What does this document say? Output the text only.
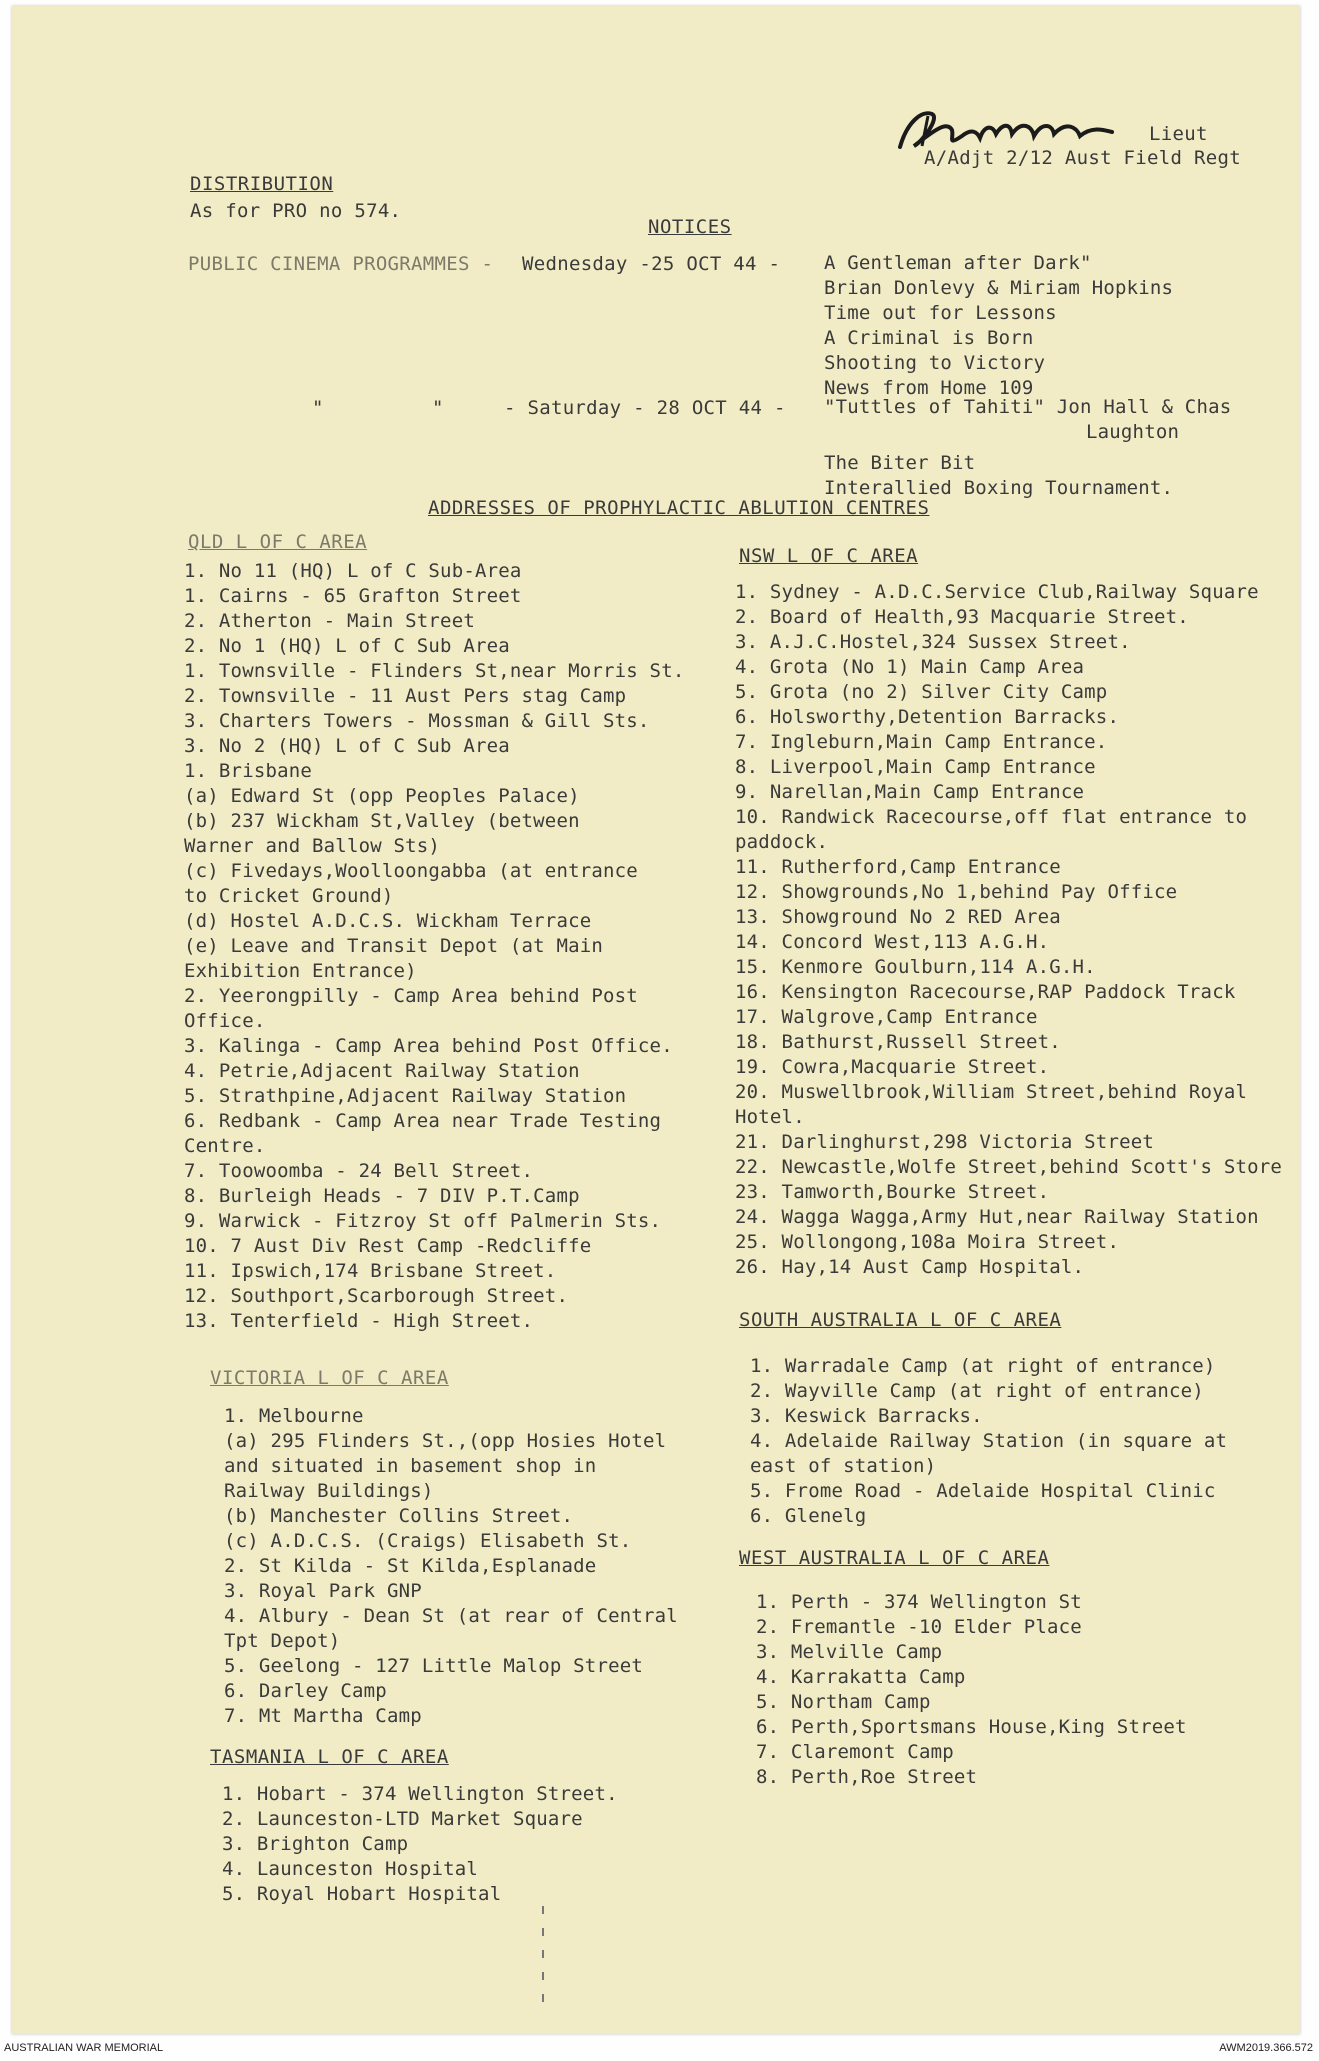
Lieut
A/Adjt 2/12 Aust Field Regt
DISTRIBUTION
As for PRO no 574.
NOTICES
PUBLIC CINEMA PROGRAMMES - Wednesday -25 OCT 44 - A Gentleman after Dark"
Brian Donlevy & Miriam Hopkins
Time out for Lessons
A Criminal is Born
Shooting to Victory
News from Home 109
"	"	- Saturday - 28 OCT 44 - "Tuttles of Tahiti" Jon Hall & Chas
Laughton
The Biter Bit
Interallied Boxing Tournament.
ADDRESSES OF PROPHYLACTIC ABLUTION CENTRES
QLD L OF C AREA
1. No 11 (HQ) L of C Sub-Area
1. Cairns - 65 Grafton Street
2. Atherton - Main Street
2. No 1 (HQ) L of C Sub Area
1. Townsville - Flinders St,near Morris St.
2. Townsville - 11 Aust Pers stag Camp
3. Charters Towers - Mossman & Gill Sts.
3. No 2 (HQ) L of C Sub Area
1. Brisbane
(a) Edward St (opp Peoples Palace)
(b) 237 Wickham St,Valley (between
Warner and Ballow Sts)
(c) Fivedays,Woolloongabba (at entrance
to Cricket Ground)
(d) Hostel A.D.C.S. Wickham Terrace
(e) Leave and Transit Depot (at Main
Exhibition Entrance)
2. Yeerongpilly - Camp Area behind Post
Office.
3. Kalinga - Camp Area behind Post Office.
4. Petrie,Adjacent Railway Station
5. Strathpine,Adjacent Railway Station
6. Redbank - Camp Area near Trade Testing
Centre.
7. Toowoomba - 24 Bell Street.
8. Burleigh Heads - 7 DIV P.T.Camp
9. Warwick - Fitzroy St off Palmerin Sts.
10. 7 Aust Div Rest Camp -Redcliffe
11. Ipswich,174 Brisbane Street.
12. Southport,Scarborough Street.
13. Tenterfield - High Street.
VICTORIA L OF C AREA
1. Melbourne
(a) 295 Flinders St.,(opp Hosies Hotel
and situated in basement shop in
Railway Buildings)
(b) Manchester Collins Street.
(c) A.D.C.S. (Craigs) Elisabeth St.
2. St Kilda - St Kilda,Esplanade
3. Royal Park GNP
4. Albury - Dean St (at rear of Central
Tpt Depot)
5. Geelong - 127 Little Malop Street
6. Darley Camp
7. Mt Martha Camp
TASMANIA L OF C AREA
1. Hobart - 374 Wellington Street.
2. Launceston-LTD Market Square
3. Brighton Camp
4. Launceston Hospital
5. Royal Hobart Hospital
NSW L OF C AREA
1. Sydney - A.D.C.Service Club,Railway Square
2. Board of Health,93 Macquarie Street.
3. A.J.C.Hostel,324 Sussex Street.
4. Grota (No 1) Main Camp Area
5. Grota (no 2) Silver City Camp
6. Holsworthy,Detention Barracks.
7. Ingleburn,Main Camp Entrance.
8. Liverpool,Main Camp Entrance
9. Narellan,Main Camp Entrance
10. Randwick Racecourse,off flat entrance to
paddock.
11. Rutherford,Camp Entrance
12. Showgrounds,No 1,behind Pay Office
13. Showground No 2 RED Area
14. Concord West,113 A.G.H.
15. Kenmore Goulburn,114 A.G.H.
16. Kensington Racecourse,RAP Paddock Track
17. Walgrove,Camp Entrance
18. Bathurst,Russell Street.
19. Cowra,Macquarie Street.
20. Muswellbrook,William Street,behind Royal
Hotel.
21. Darlinghurst,298 Victoria Street
22. Newcastle,Wolfe Street,behind Scott's Store
23. Tamworth,Bourke Street.
24. Wagga Wagga,Army Hut,near Railway Station
25. Wollongong,108a Moira Street.
26. Hay,14 Aust Camp Hospital.
SOUTH AUSTRALIA L OF C AREA
1. Warradale Camp (at right of entrance)
2. Wayville Camp (at right of entrance)
3. Keswick Barracks.
4. Adelaide Railway Station (in square at
east of station)
5. Frome Road - Adelaide Hospital Clinic
6. Glenelg
WEST AUSTRALIA L OF C AREA
1. Perth - 374 Wellington St
2. Fremantle -10 Elder Place
3. Melville Camp
4. Karrakatta Camp
5. Northam Camp
6. Perth,Sportsmans House,King Street
7. Claremont Camp
8. Perth,Roe Street
AUSTRALIAN WAR MEMORIAL	AWM2019.366.572
